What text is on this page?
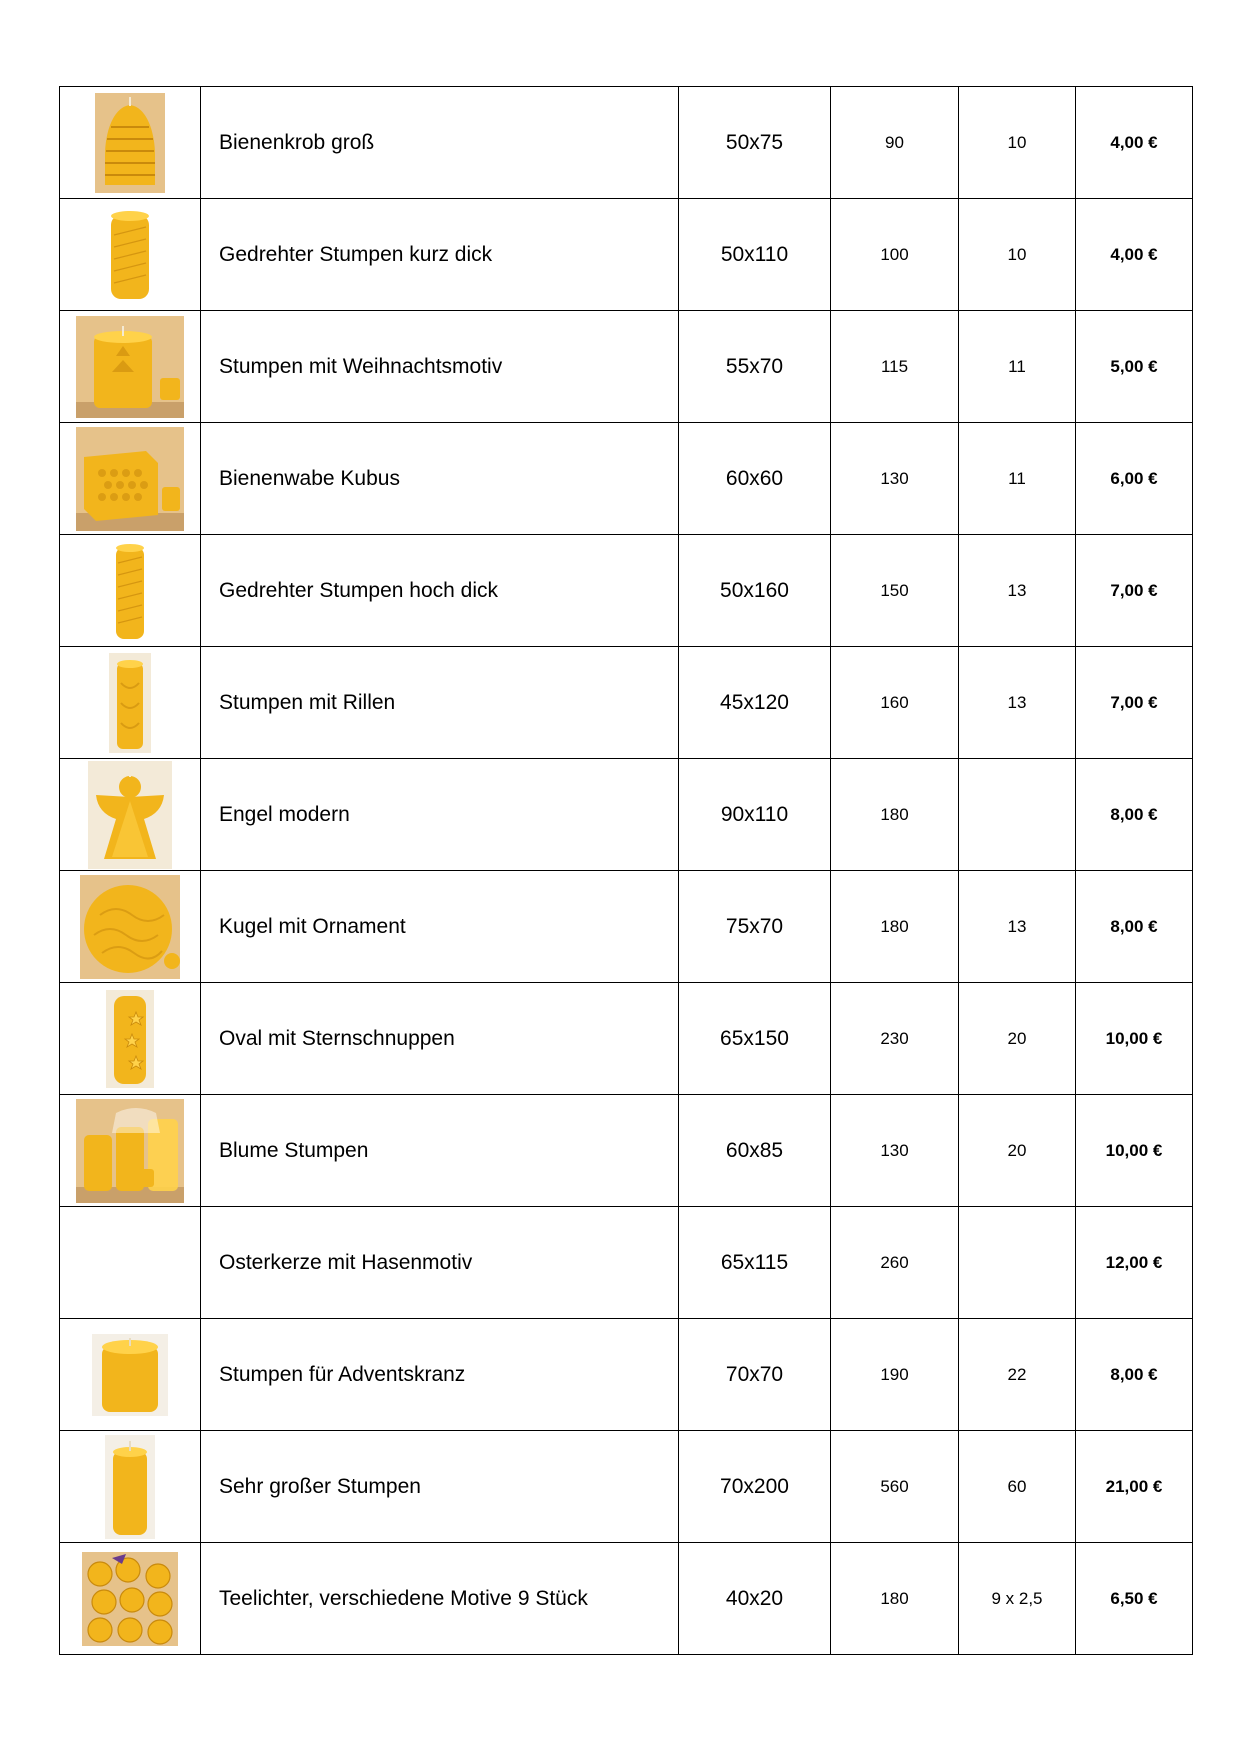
	Bienenkrob groß	50x75	90	10	4,00 €

	Gedrehter Stumpen kurz dick	50x110	100	10	4,00 €

	Stumpen mit Weihnachtsmotiv	55x70	115	11	5,00 €

	Bienenwabe Kubus	60x60	130	11	6,00 €

	Gedrehter Stumpen hoch dick	50x160	150	13	7,00 €

	Stumpen mit Rillen	45x120	160	13	7,00 €

	Engel modern	90x110	180		8,00 €

	Kugel mit Ornament	75x70	180	13	8,00 €

	Oval mit Sternschnuppen	65x150	230	20	10,00 €

	Blume Stumpen	60x85	130	20	10,00 €
	Osterkerze mit Hasenmotiv	65x115	260		12,00 €

	Stumpen für Adventskranz	70x70	190	22	8,00 €

	Sehr großer Stumpen	70x200	560	60	21,00 €

	Teelichter, verschiedene Motive 9 Stück	40x20	180	9 x 2,5	6,50 €
